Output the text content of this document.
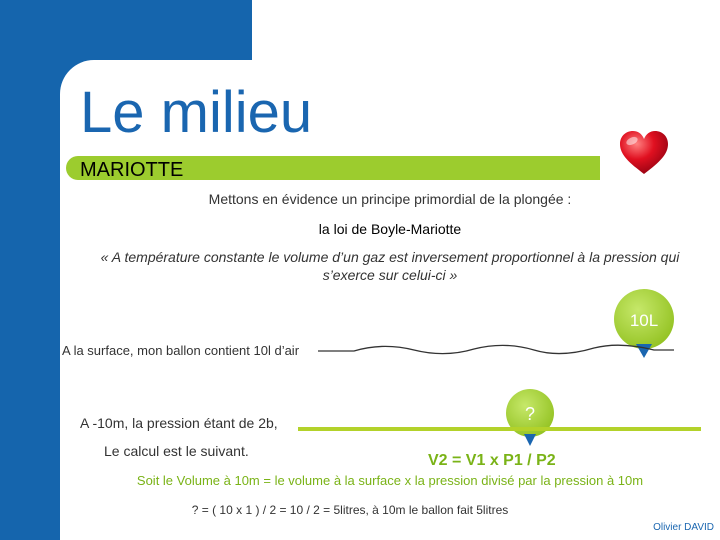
Le milieu
MARIOTTE
Mettons en évidence un principe primordial de la plongée :
la loi de Boyle-Mariotte
« A température constante le volume d’un gaz est inversement proportionnel à la pression qui s’exerce sur celui-ci »
10L
A la surface, mon ballon contient 10l d’air
A -10m, la pression étant de 2b,
Le calcul est le suivant.
?
V2 = V1 x P1 / P2
Soit le Volume à 10m = le volume à la surface x la pression divisé par la pression à 10m
? = ( 10 x 1 ) / 2 = 10 / 2 = 5litres, à 10m le ballon fait 5litres
Olivier DAVID
